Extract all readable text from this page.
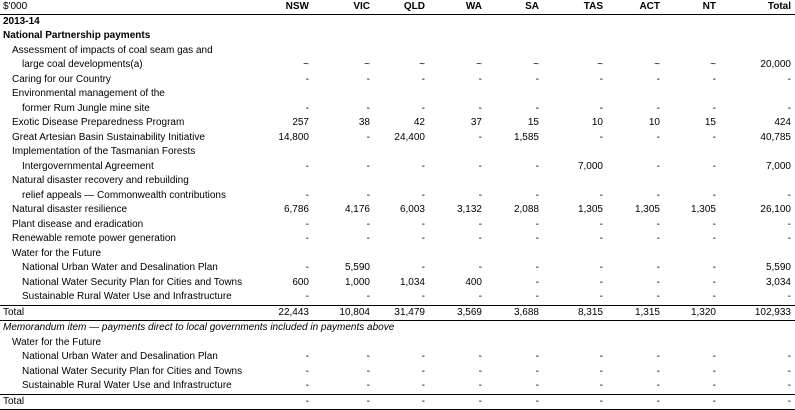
$'000	NSW	VIC	QLD	WA	SA	TAS	ACT	NT	Total
2013-14
National Partnership payments
Assessment of impacts of coal seam gas and
large coal developments(a)	~	~	~	~	~	~	~	~	20,000
Caring for our Country	-	-	-	-	-	-	-	-	-
Environmental management of the
former Rum Jungle mine site	-	-	-	-	-	-	-	-	-
Exotic Disease Preparedness Program	257	38	42	37	15	10	10	15	424
Great Artesian Basin Sustainability Initiative	14,800	-	24,400	-	1,585	-	-	-	40,785
Implementation of the Tasmanian Forests
Intergovernmental Agreement	-	-	-	-	-	7,000	-	-	7,000
Natural disaster recovery and rebuilding
relief appeals — Commonwealth contributions	-	-	-	-	-	-	-	-	-
Natural disaster resilience	6,786	4,176	6,003	3,132	2,088	1,305	1,305	1,305	26,100
Plant disease and eradication	-	-	-	-	-	-	-	-	-
Renewable remote power generation	-	-	-	-	-	-	-	-	-
Water for the Future
National Urban Water and Desalination Plan	-	5,590	-	-	-	-	-	-	5,590
National Water Security Plan for Cities and Towns	600	1,000	1,034	400	-	-	-	-	3,034
Sustainable Rural Water Use and Infrastructure	-	-	-	-	-	-	-	-	-
Total	22,443	10,804	31,479	3,569	3,688	8,315	1,315	1,320	102,933
Memorandum item — payments direct to local governments included in payments above
Water for the Future
National Urban Water and Desalination Plan	-	-	-	-	-	-	-	-	-
National Water Security Plan for Cities and Towns	-	-	-	-	-	-	-	-	-
Sustainable Rural Water Use and Infrastructure	-	-	-	-	-	-	-	-	-
Total	-	-	-	-	-	-	-	-	-
